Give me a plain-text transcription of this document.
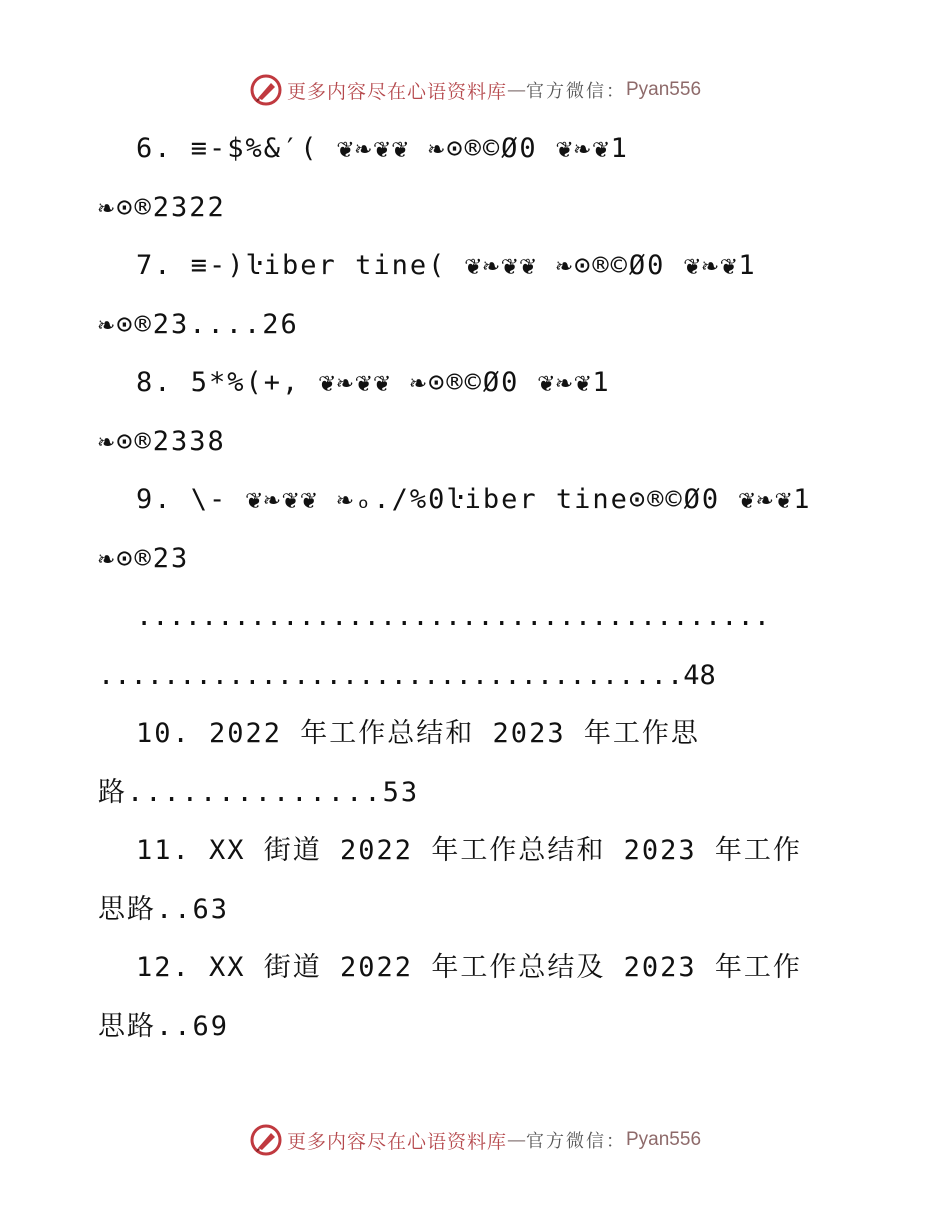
更多内容尽在心语资料库 — 官方微信： Pyan556
6. ≡-$%&′( ❦❧❦❦ ❧⊙®©Ø0 ❦❧❦1
❧⊙®2322
7. ≡-)ŀiber tine( ❦❧❦❦ ❧⊙®©Ø0 ❦❧❦1
❧⊙®23....26
8. 5*%(+, ❦❧❦❦ ❧⊙®©Ø0 ❦❧❦1
❧⊙®2338
9. \- ❦❧❦❦ ❧ₒ./%0ŀiber tine⊙®©Ø0 ❦❧❦1
❧⊙®23
.......................................
....................................48
10. 2022 年工作总结和 2023 年工作思
路..............53
11. XX 街道 2022 年工作总结和 2023 年工作
思路..63
12. XX 街道 2022 年工作总结及 2023 年工作
思路..69
更多内容尽在心语资料库 — 官方微信： Pyan556
